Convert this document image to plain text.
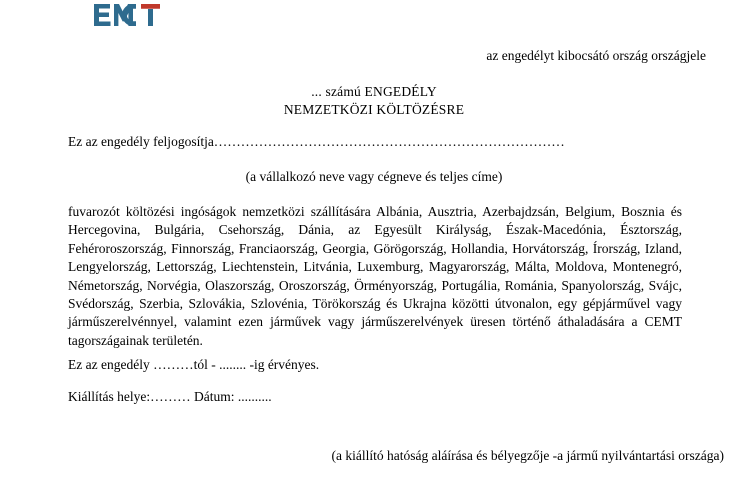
az engedélyt kibocsátó ország országjele
... számú ENGEDÉLY
NEMZETKÖZI KÖLTÖZÉSRE
Ez az engedély feljogosítja……………………………………………………………………
(a vállalkozó neve vagy cégneve és teljes címe)
fuvarozót költözési ingóságok nemzetközi szállítására Albánia, Ausztria, Azerbajdzsán, Belgium, Bosznia és Hercegovina, Bulgária, Csehország, Dánia, az Egyesült Királyság, Észak-Macedónia, Észtország, Fehéroroszország, Finnország, Franciaország, Georgia, Görögország, Hollandia, Horvátország, Írország, Izland, Lengyelország, Lettország, Liechtenstein, Litvánia, Luxemburg, Magyarország, Málta, Moldova, Montenegró, Németország, Norvégia, Olaszország, Oroszország, Örményország, Portugália, Románia, Spanyolország, Svájc, Svédország, Szerbia, Szlovákia, Szlovénia, Törökország és Ukrajna közötti útvonalon, egy gépjárművel vagy járműszerelvénnyel, valamint ezen járművek vagy járműszerelvények üresen történő áthaladására a CEMT tagországainak területén.
Ez az engedély ………tól - ........ -ig érvényes.
Kiállítás helye:……… Dátum: ..........
(a kiállító hatóság aláírása és bélyegzője -a jármű nyilvántartási országa)
